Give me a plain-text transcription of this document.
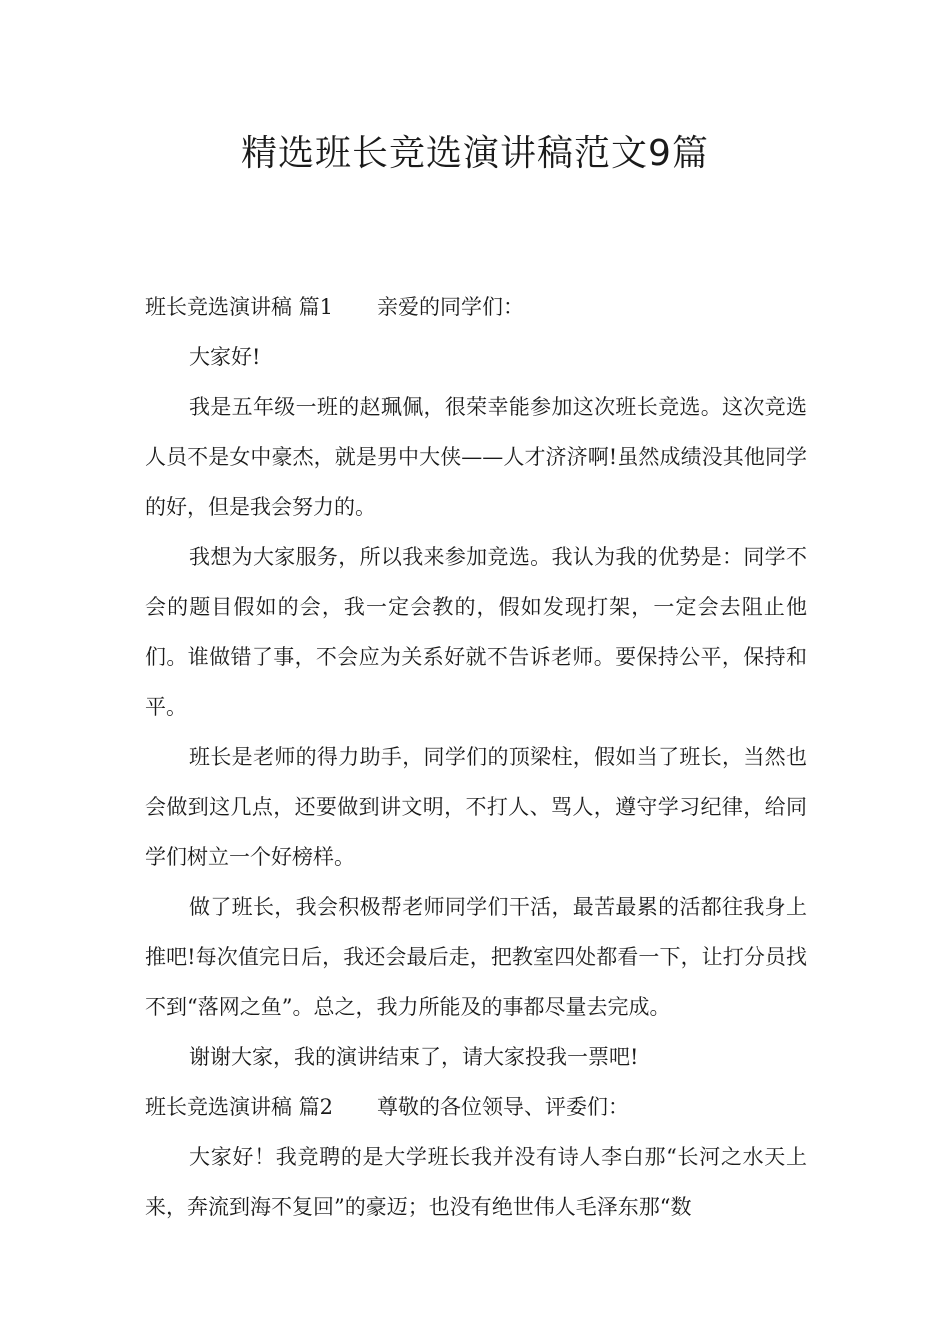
精选班长竞选演讲稿范文9篇

班长竞选演讲稿 篇1 亲爱的同学们：

大家好!

我是五年级一班的赵珮佩，很荣幸能参加这次班长竞选。这次竞选人员不是女中豪杰，就是男中大侠——人才济济啊!虽然成绩没其他同学的好，但是我会努力的。

我想为大家服务，所以我来参加竞选。我认为我的优势是：同学不会的题目假如的会，我一定会教的，假如发现打架，一定会去阻止他们。谁做错了事，不会应为关系好就不告诉老师。要保持公平，保持和平。

班长是老师的得力助手，同学们的顶梁柱，假如当了班长，当然也会做到这几点，还要做到讲文明，不打人、骂人，遵守学习纪律，给同学们树立一个好榜样。

做了班长，我会积极帮老师同学们干活，最苦最累的活都往我身上推吧!每次值完日后，我还会最后走，把教室四处都看一下，让打分员找不到“落网之鱼”。总之，我力所能及的事都尽量去完成。

谢谢大家，我的演讲结束了，请大家投我一票吧!

班长竞选演讲稿 篇2 尊敬的各位领导、评委们：

大家好！我竞聘的是大学班长我并没有诗人李白那“长河之水天上来，奔流到海不复回”的豪迈；也没有绝世伟人毛泽东那“数
